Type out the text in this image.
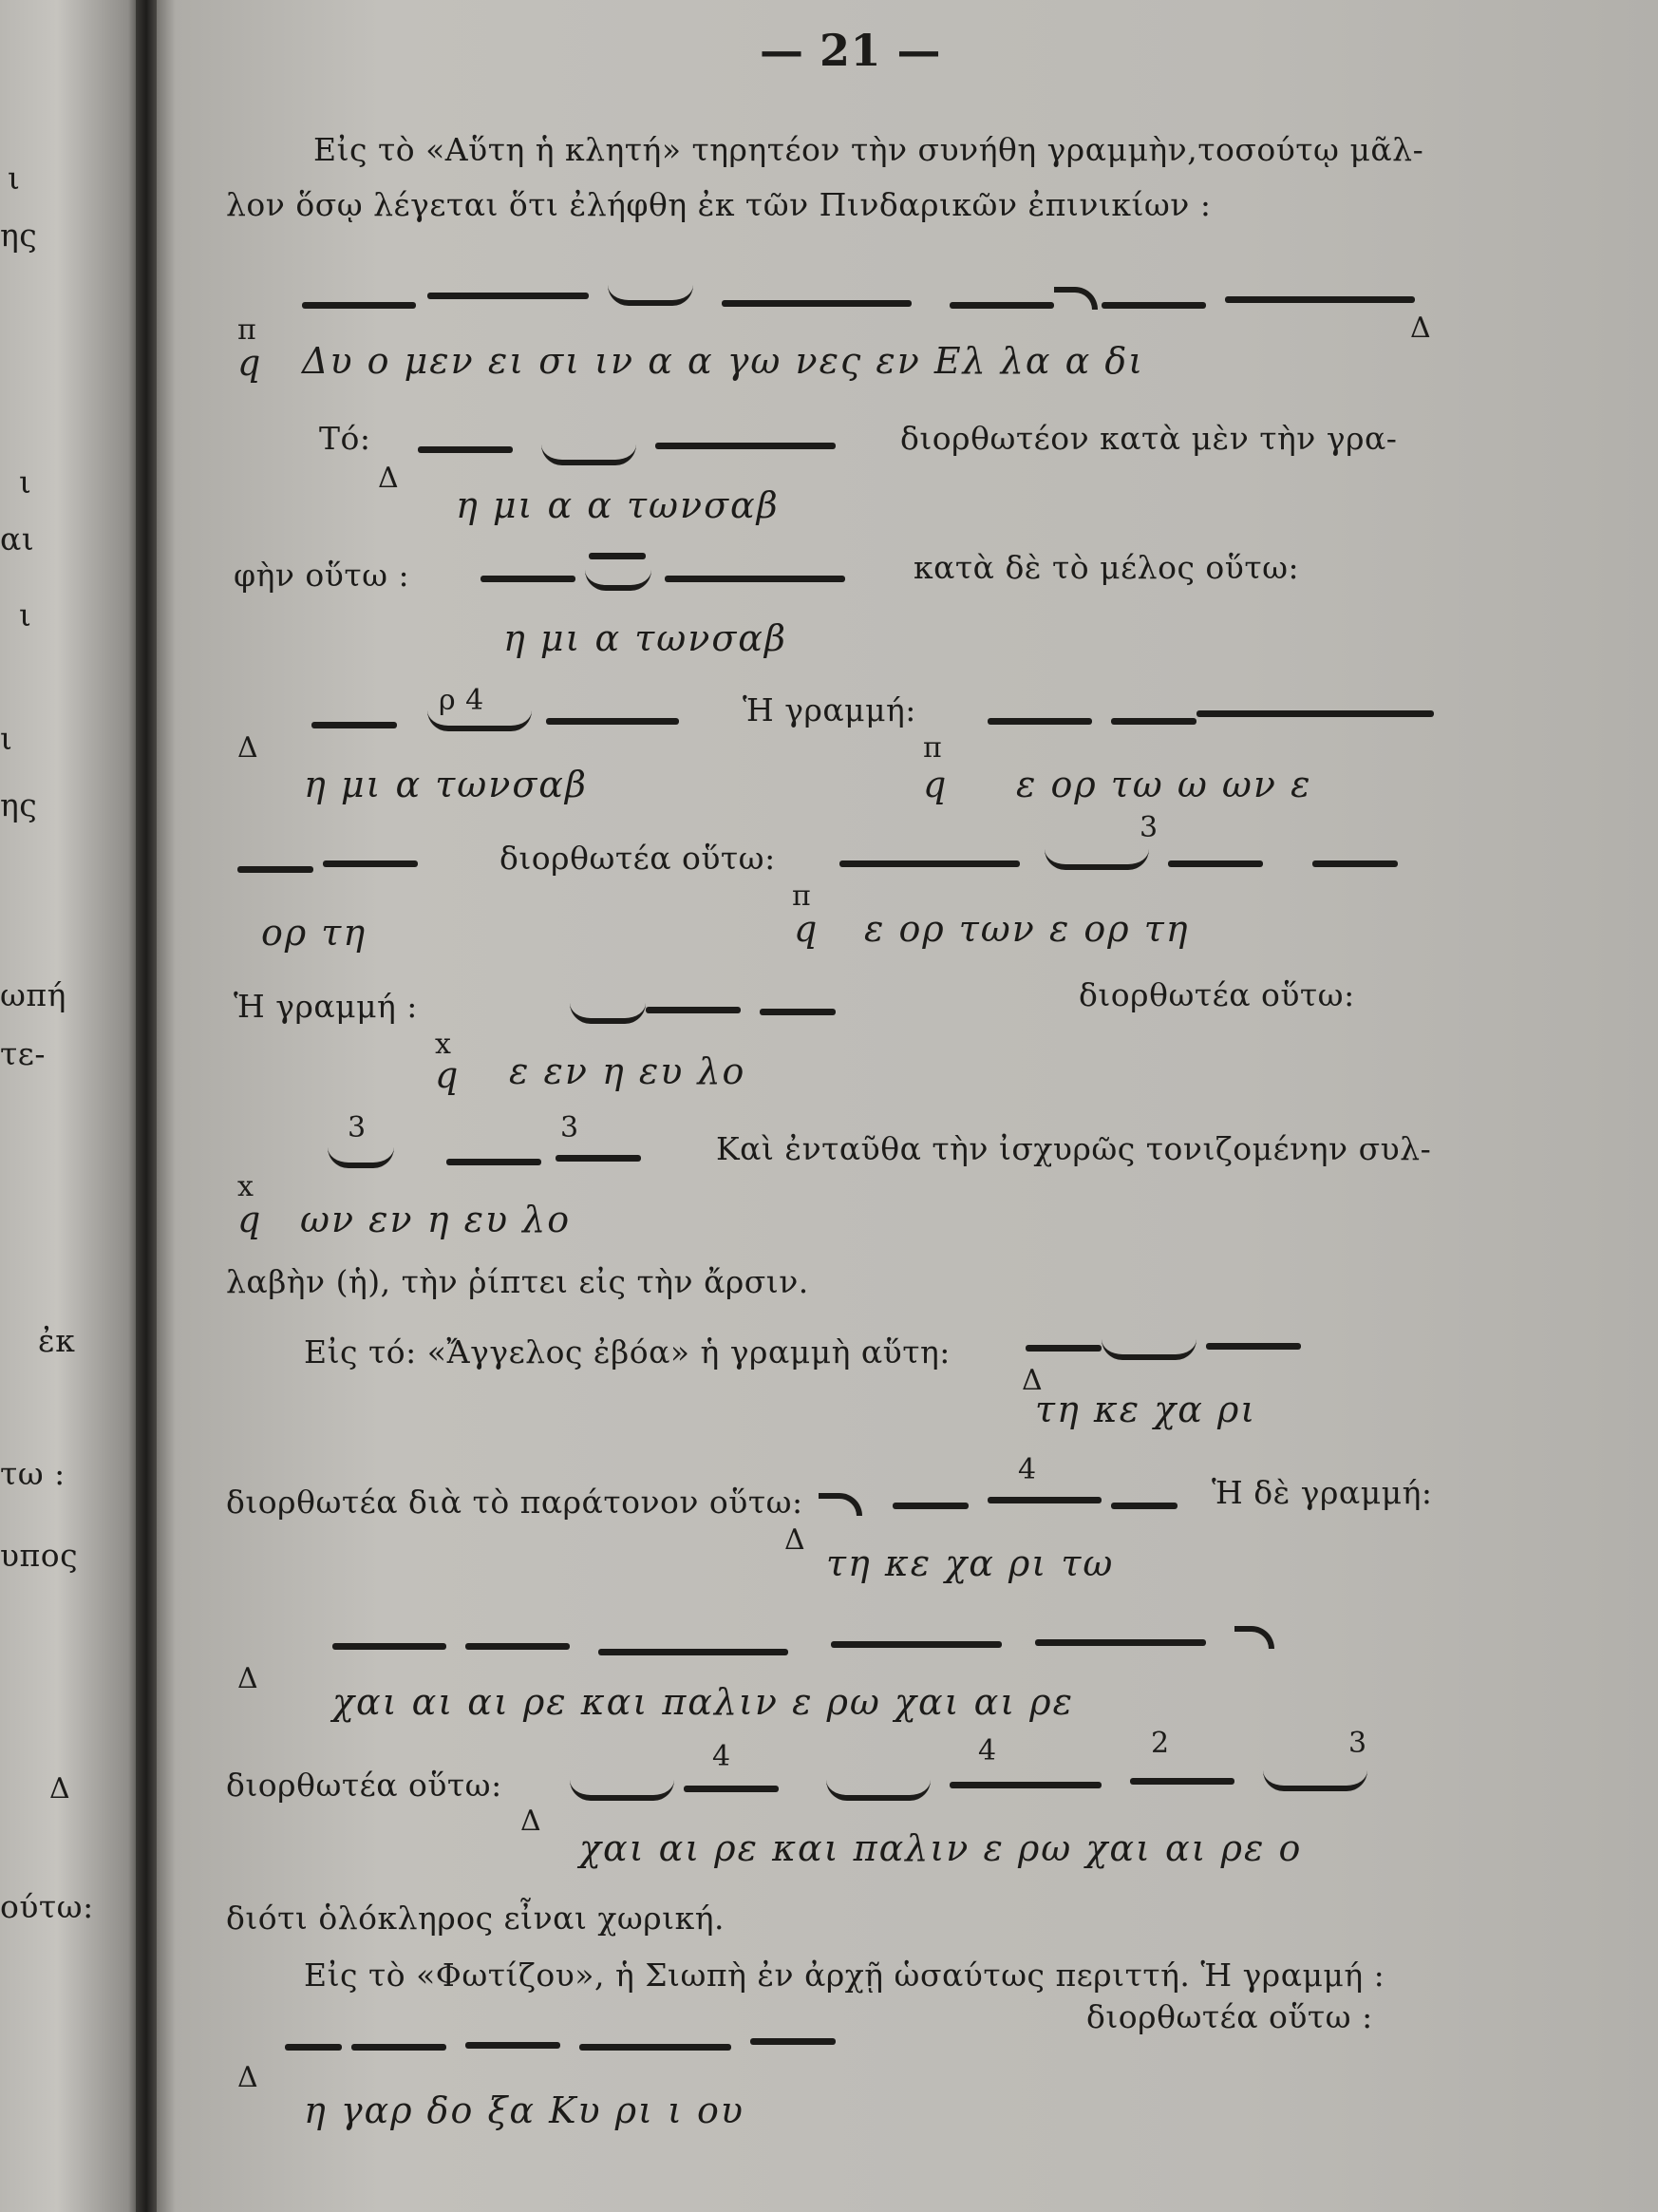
ι
ης
ι
αι
ι
ι
ης
ωπή
τε-
ἐκ
τω :
υπος
Δ
ούτω:
— 21 —
Εἰς τὸ «Αὕτη ἡ κλητή» τηρητέον τὴν συνήθη γραμμὴν,τοσούτῳ μᾶλ-
λον ὅσῳ λέγεται ὅτι ἐλήφθη ἐκ τῶν Πινδαρικῶν ἐπινικίων :
π
q Δυ ο μεν ει σι ιν α α γω νες εν Ελ λα α δι
Δ
Τό:	διορθωτέον κατὰ μὲν τὴν γρα-
Δ
η μι α α τωνσαβ
φὴν οὕτω :	κατὰ δὲ τὸ μέλος οὕτω:
η μι α τωνσαβ
ρ 4
Δ
η μι α τωνσαβ
Ἡ γραμμή:
π
q ε ορ τω ω ων ε
διορθωτέα οὕτω:
3
ορ τη
π
q ε ορ των ε ορ τη
Ἡ γραμμή :	διορθωτέα οὕτω:
x
q ε εν η ευ λο
3	3
Καὶ ἐνταῦθα τὴν ἰσχυρῶς τονιζομένην συλ-
x
q ων εν η ευ λο
λαβὴν (ἡ), τὴν ῥίπτει εἰς τὴν ἄρσιν.
Εἰς τό: «Ἄγγελος ἐβόα» ἡ γραμμὴ αὕτη:
Δ
τη κε χα ρι
διορθωτέα διὰ τὸ παράτονον οὕτω:
4
Ἡ δὲ γραμμή:
Δ
τη κε χα ρι τω
Δ
χαι αι αι ρε και παλιν ε ρω χαι αι ρε
διορθωτέα οὕτω:
4	4	2	3
Δ
χαι αι ρε και παλιν ε ρω χαι αι ρε ο
διότι ὁλόκληρος εἶναι χωρική.
Εἰς τὸ «Φωτίζου», ἡ Σιωπὴ ἐν ἀρχῇ ὡσαύτως περιττή. Ἡ γραμμή :
διορθωτέα οὕτω :
Δ
η γαρ δο ξα Κυ ρι ι ου
